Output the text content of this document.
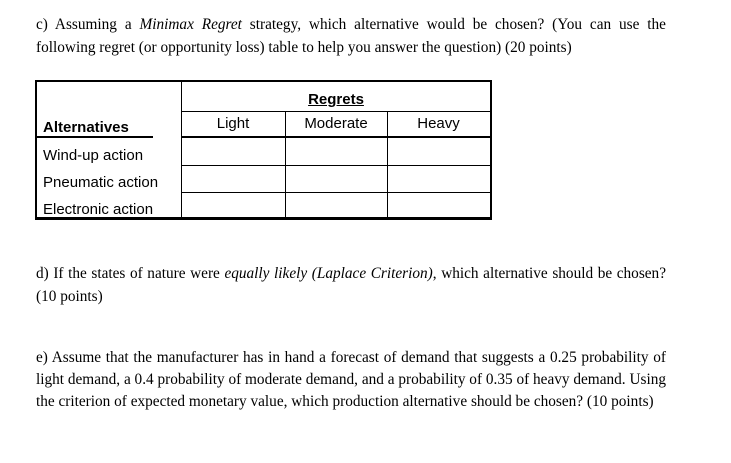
c) Assuming a Minimax Regret strategy, which alternative would be chosen? (You can use the following regret (or opportunity loss) table to help you answer the question) (20 points)
Regrets
Alternatives	Light	Moderate	Heavy
Wind-up action
Pneumatic action
Electronic action
d) If the states of nature were equally likely (Laplace Criterion), which alternative should be chosen? (10 points)
e) Assume that the manufacturer has in hand a forecast of demand that suggests a 0.25 probability of light demand, a 0.4 probability of moderate demand, and a probability of 0.35 of heavy demand. Using the criterion of expected monetary value, which production alternative should be chosen? (10 points)
